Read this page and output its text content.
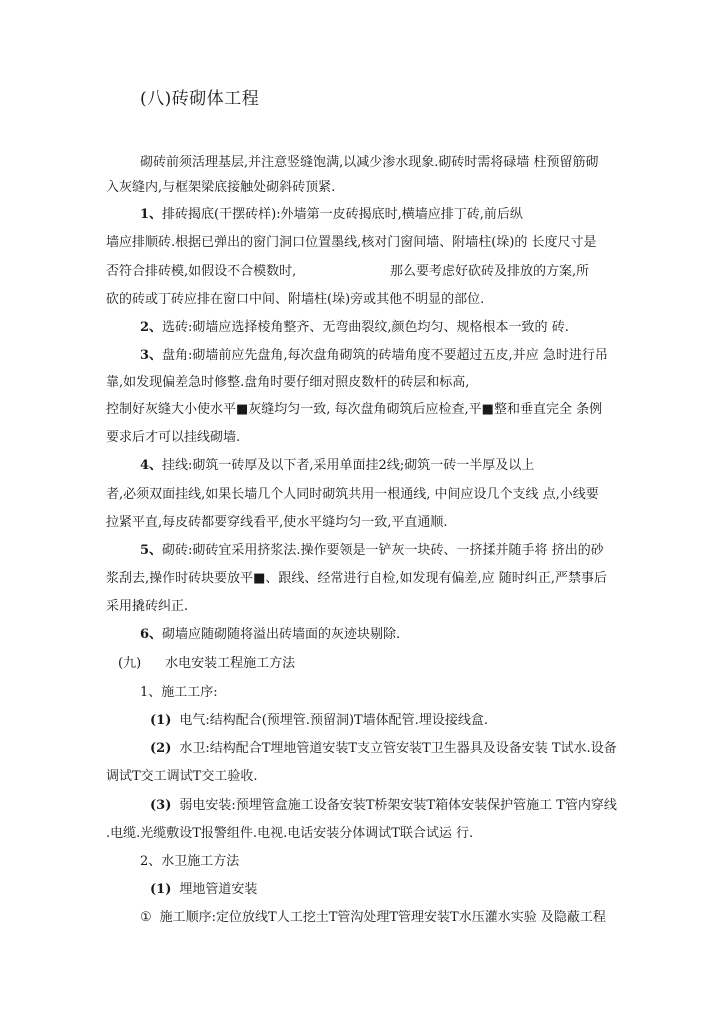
(八)砖砌体工程
砌砖前须活理基层,并注意竖缝饱满,以减少渗水现象.砌砖时需将碌墙 柱预留筋砌
入灰缝内,与框架梁底接触处砌斜砖顶紧.
1、排砖揭底(干摆砖样):外墙第一皮砖揭底时,横墙应排丁砖,前后纵
墙应排顺砖.根据已弹出的窗门洞口位置墨线,核对门窗间墙、附墙柱(垛)的 长度尺寸是
否符合排砖模,如假设不合模数时,	那么要考虑好砍砖及排放的方案,所
砍的砖或丁砖应排在窗口中间、附墙柱(垛)旁或其他不明显的部位.
2、选砖:砌墙应选择棱角整齐、无弯曲裂纹,颜色均匀、规格根本一致的 砖.
3、盘角:砌墙前应先盘角,每次盘角砌筑的砖墙角度不要超过五皮,并应 急时进行吊
靠,如发现偏差急时修整.盘角时要仔细对照皮数杆的砖层和标高,
控制好灰缝大小使水平■灰缝均匀一致, 每次盘角砌筑后应检查,平■整和垂直完全 条例
要求后才可以挂线砌墙.
4、挂线:砌筑一砖厚及以下者,采用单面挂2线;砌筑一砖一半厚及以上
者,必须双面挂线,如果长墙几个人同时砌筑共用一根通线, 中间应设几个支线 点,小线要
拉紧平直,每皮砖都要穿线看平,使水平缝均匀一致,平直通顺.
5、砌砖:砌砖宜采用挤浆法.操作要领是一铲灰一块砖、一挤揉并随手将 挤出的砂
浆刮去,操作时砖块要放平■、跟线、经常进行自检,如发现有偏差,应 随时纠正,严禁事后
采用撬砖纠正.
6、砌墙应随砌随将溢出砖墙面的灰迹块剔除.
(九) 水电安装工程施工方法
1、施工工序:
(1) 电气:结构配合(预埋管.预留洞)T墙体配管.埋设接线盒.
(2) 水卫:结构配合T埋地管道安装T支立管安装T卫生器具及设备安装 T试水.设备
调试T交工调试T交工验收.
(3) 弱电安装:预埋管盒施工设备安装T桥架安装T箱体安装保护管施工 T管内穿线
.电缆.光缆敷设T报警组件.电视.电话安装分体调试T联合试运 行.
2、水卫施工方法
(1) 埋地管道安装
① 施工顺序:定位放线T人工挖土T管沟处理T管理安装T水压灌水实验 及隐蔽工程
